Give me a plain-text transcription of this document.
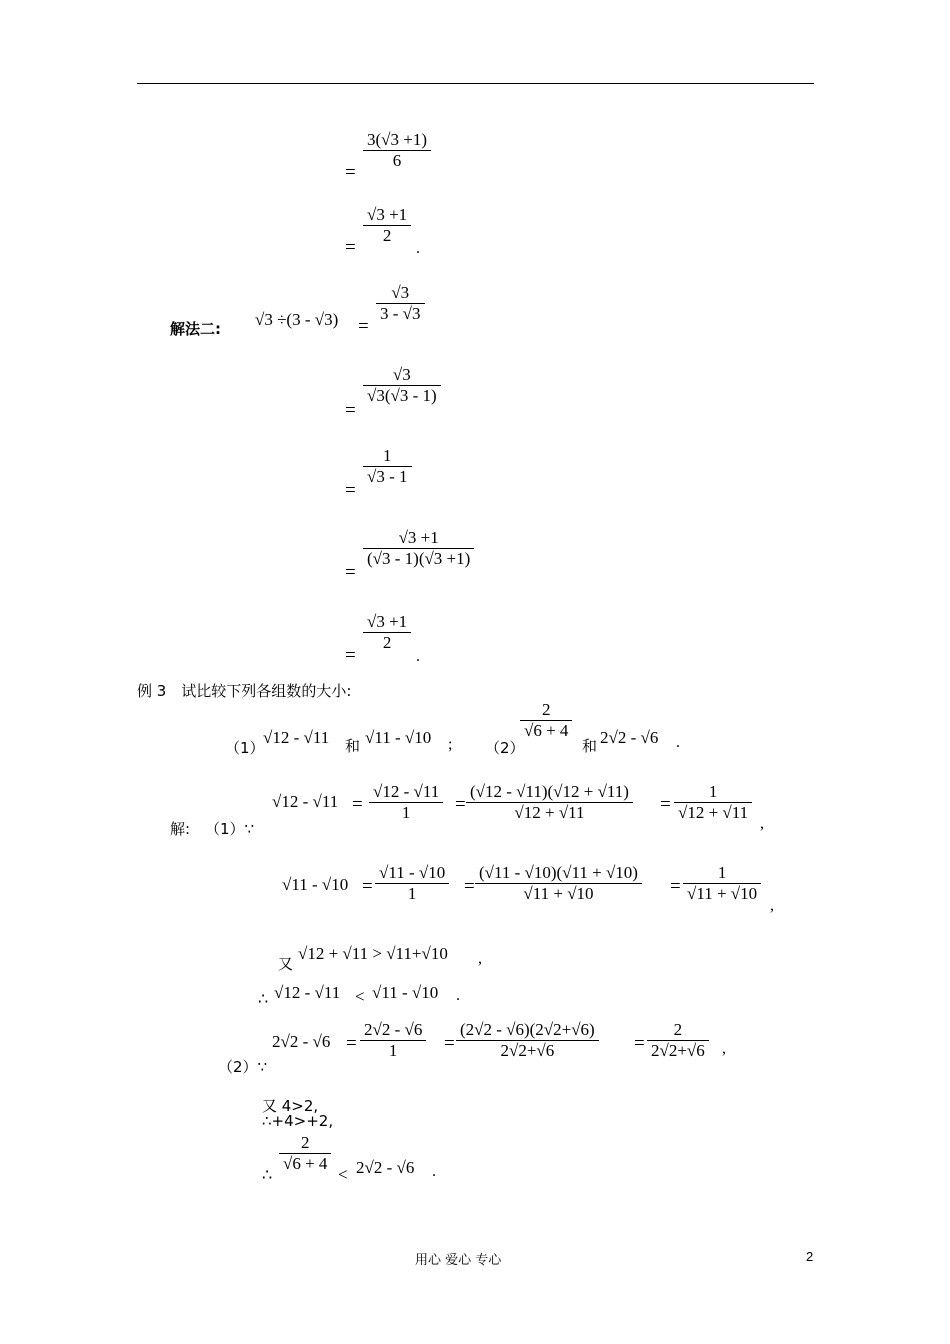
=
3(√3 +1)
6
=
√3 +1
2
.
解法二: √3 ÷(3 - √3) =
√3
3 - √3
=
√3
√3(√3 - 1)
=
1
√3 - 1
=
√3 +1
(√3 - 1)(√3 +1)
=
√3 +1
2
.
例 3　试比较下列各组数的大小:
（1）
√12 - √11 和 √11 - √10 ; （2）
2
√6 + 4
和 2√2 - √6 .
解: （1）∵
√12 - √11 =
√12 - √11
1	=
(√12 - √11)(√12 + √11)
√12 + √11	=
1
√12 + √11
,
√11 - √10 =
√11 - √10
1	=
(√11 - √10)(√11 + √10)
√11 + √10	=
1
√11 + √10
,
又
√12 + √11 > √11+√10 ,
∴ √12 - √11 < √11 - √10 .
（2）∵
2√2 - √6 =
2√2 - √6
1	=
(2√2 - √6)(2√2+√6)
2√2+√6	=
2
2√2+√6 ,
又 4>2,
∴+4>+2,
∴
2
√6 + 4
< 2√2 - √6 .
用心 爱心 专心	2
